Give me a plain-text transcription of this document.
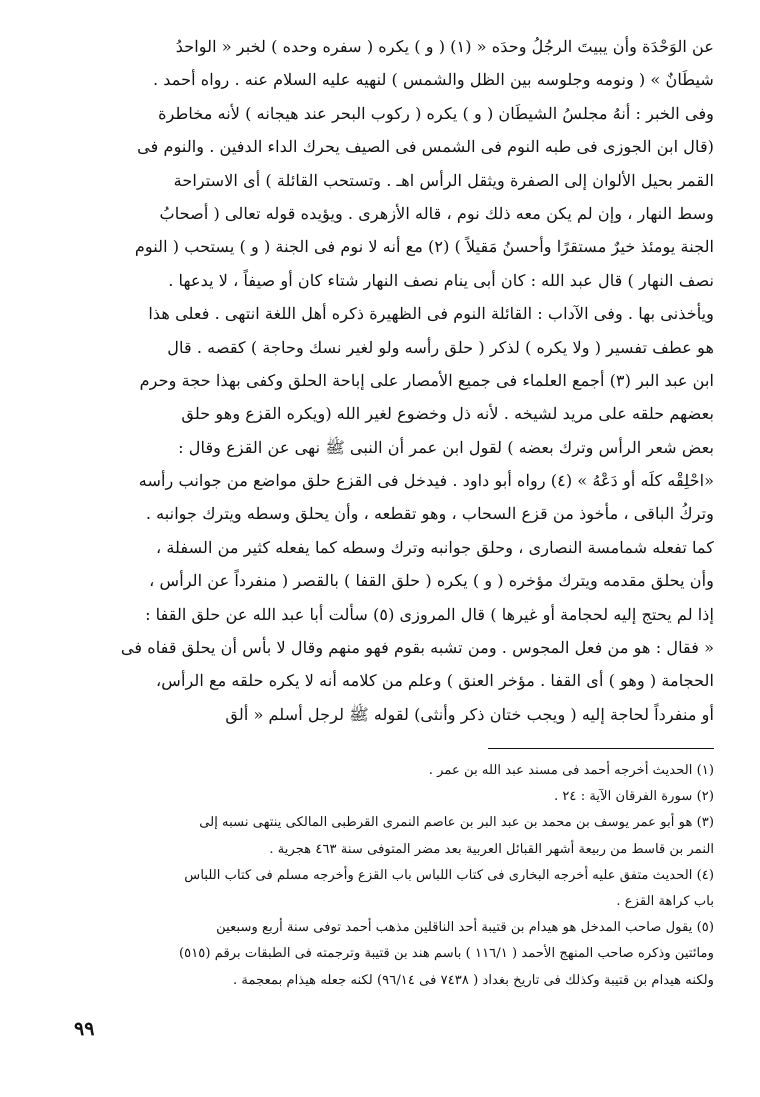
عن الوَحْدَة وأن يبيتَ الرجُلُ وحدَه « (١) ( و ) يكره ( سفره وحده ) لخبر « الواحدُ
شيطَانٌ » ( ونومه وجلوسه بين الظل والشمس ) لنهيه عليه السلام عنه . رواه أحمد .
وفى الخبر : أنهُ مجلسُ الشيطَان ( و ) يكره ( ركوب البحر عند هيجانه ) لأنه مخاطرة
(قال ابن الجوزى فى طبه النوم فى الشمس فى الصيف يحرك الداء الدفين . والنوم فى
القمر بحيل الألوان إلى الصفرة ويثقل الرأس اهـ . وتستحب القائلة ) أى الاستراحة
وسط النهار ، وإن لم يكن معه ذلك نوم ، قاله الأزهرى . ويؤيده قوله تعالى ( أصحابُ
الجنة يومئذ خيرٌ مستقرًا وأحسنُ مَقيلاً ) (٢) مع أنه لا نوم فى الجنة ( و ) يستحب ( النوم
نصف النهار ) قال عبد الله : كان أبى ينام نصف النهار شتاء كان أو صيفاً ، لا يدعها .
ويأخذنى بها . وفى الآداب : القائلة النوم فى الظهيرة ذكره أهل اللغة انتهى . فعلى هذا
هو عطف تفسير ( ولا يكره ) لذكر ( حلق رأسه ولو لغير نسك وحاجة ) كقصه . قال
ابن عبد البر (٣) أجمع العلماء فى جميع الأمصار على إباحة الحلق وكفى بهذا حجة وحرم
بعضهم حلقه على مريد لشيخه . لأنه ذل وخضوع لغير الله (ويكره القزع وهو حلق
بعض شعر الرأس وترك بعضه ) لقول ابن عمر أن النبى ﷺ نهى عن القزع وقال :
«احْلِقْه كلَه أو دَعْهُ » (٤) رواه أبو داود . فيدخل فى القزع حلق مواضع من جوانب رأسه
وتركُ الباقى ، مأخوذ من قزع السحاب ، وهو تقطعه ، وأن يحلق وسطه ويترك جوانبه .
كما تفعله شمامسة النصارى ، وحلق جوانبه وترك وسطه كما يفعله كثير من السفلة ،
وأن يحلق مقدمه ويترك مؤخره ( و ) يكره ( حلق القفا ) بالقصر ( منفرداً عن الرأس ،
إذا لم يحتج إليه لحجامة أو غيرها ) قال المروزى (٥) سألت أبا عبد الله عن حلق القفا :
« فقال : هو من فعل المجوس . ومن تشبه بقوم فهو منهم وقال لا بأس أن يحلق قفاه فى
الحجامة ( وهو ) أى القفا . مؤخر العنق ) وعلم من كلامه أنه لا يكره حلقه مع الرأس،
أو منفرداً لحاجة إليه ( ويجب ختان ذكر وأنثى) لقوله ﷺ لرجل أسلم « ألق
(١) الحديث أخرجه أحمد فى مسند عبد الله بن عمر .
(٢) سورة الفرقان الآية : ٢٤ .
(٣) هو أبو عمر يوسف بن محمد بن عبد البر بن عاصم النمرى القرطبى المالكى ينتهى نسبه إلى
النمر بن قاسط من ربيعة أشهر القبائل العربية بعد مضر المتوفى سنة ٤٦٣ هجرية .
(٤) الحديث متفق عليه أخرجه البخارى فى كتاب اللباس باب القزع وأخرجه مسلم فى كتاب اللباس
باب كراهة القزع .
(٥) يقول صاحب المدخل هو هيدام بن قتيبة أحد الناقلين مذهب أحمد توفى سنة أربع وسبعين
ومائتين وذكره صاحب المنهج الأحمد ( ١١٦/١ ) باسم هند بن قتيبة وترجمته فى الطبقات برقم (٥١٥)
ولكنه هيدام بن قتيبة وكذلك فى تاريخ بغداد ( ٧٤٣٨ فى ٩٦/١٤) لكنه جعله هيذام بمعجمة .
٩٩
